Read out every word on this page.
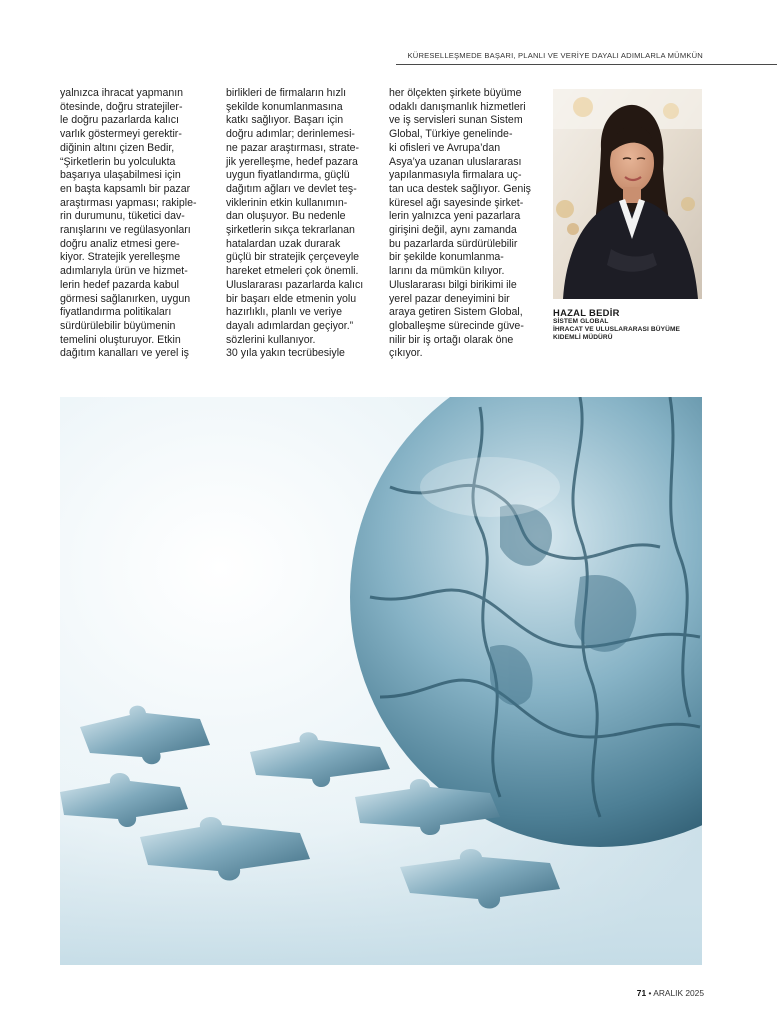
KÜRESELLEŞMEDE BAŞARI, PLANLI VE VERİYE DAYALI ADIMLARLA MÜMKÜN
yalnızca ihracat yapmanın
ötesinde, doğru stratejiler-
le doğru pazarlarda kalıcı
varlık göstermeyi gerektir-
diğinin altını çizen Bedir,
“Şirketlerin bu yolculukta
başarıya ulaşabilmesi için
en başta kapsamlı bir pazar
araştırması yapması; rakiple-
rin durumunu, tüketici dav-
ranışlarını ve regülasyonları
doğru analiz etmesi gere-
kiyor. Stratejik yerelleşme
adımlarıyla ürün ve hizmet-
lerin hedef pazarda kabul
görmesi sağlanırken, uygun
fiyatlandırma politikaları
sürdürülebilir büyümenin
temelini oluşturuyor. Etkin
dağıtım kanalları ve yerel iş
birlikleri de firmaların hızlı
şekilde konumlanmasına
katkı sağlıyor. Başarı için
doğru adımlar; derinlemesi-
ne pazar araştırması, strate-
jik yerelleşme, hedef pazara
uygun fiyatlandırma, güçlü
dağıtım ağları ve devlet teş-
viklerinin etkin kullanımın-
dan oluşuyor. Bu nedenle
şirketlerin sıkça tekrarlanan
hatalardan uzak durarak
güçlü bir stratejik çerçeveyle
hareket etmeleri çok önemli.
Uluslararası pazarlarda kalıcı
bir başarı elde etmenin yolu
hazırlıklı, planlı ve veriye
dayalı adımlardan geçiyor.”
sözlerini kullanıyor.
30 yıla yakın tecrübesiyle
her ölçekten şirkete büyüme
odaklı danışmanlık hizmetleri
ve iş servisleri sunan Sistem
Global, Türkiye genelinde-
ki ofisleri ve Avrupa’dan
Asya’ya uzanan uluslararası
yapılanmasıyla firmalara uç-
tan uca destek sağlıyor. Geniş
küresel ağı sayesinde şirket-
lerin yalnızca yeni pazarlara
girişini değil, aynı zamanda
bu pazarlarda sürdürülebilir
bir şekilde konumlanma-
larını da mümkün kılıyor.
Uluslararası bilgi birikimi ile
yerel pazar deneyimini bir
araya getiren Sistem Global,
globalleşme sürecinde güve-
nilir bir iş ortağı olarak öne
çıkıyor.
HAZAL BEDİR
SİSTEM GLOBAL
İHRACAT VE ULUSLARARASI BÜYÜME
KIDEMLİ MÜDÜRÜ
71 • ARALIK 2025
